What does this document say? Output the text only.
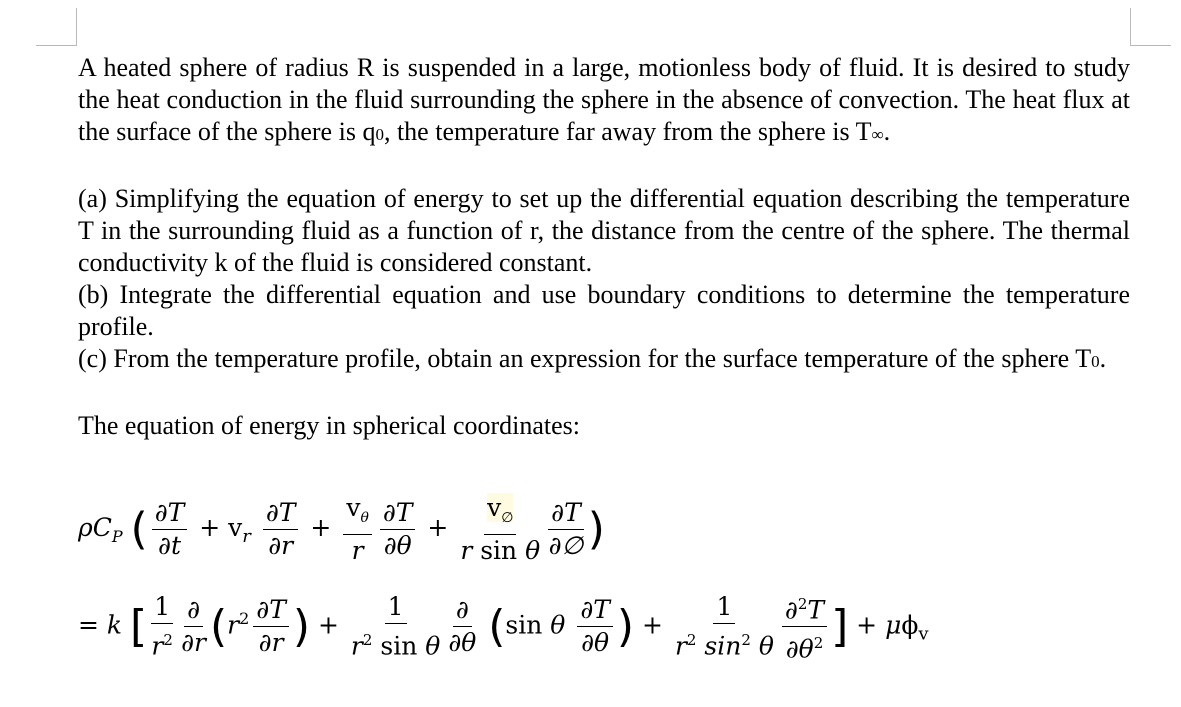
A heated sphere of radius R is suspended in a large, motionless body of fluid. It is desired to study the heat conduction in the fluid surrounding the sphere in the absence of convection. The heat flux at the surface of the sphere is q0, the temperature far away from the sphere is T∞.

(a) Simplifying the equation of energy to set up the differential equation describing the temperature T in the surrounding fluid as a function of r, the distance from the centre of the sphere. The thermal conductivity k of the fluid is considered constant.

(b) Integrate the differential equation and use boundary conditions to determine the temperature profile.

(c) From the temperature profile, obtain an expression for the surface temperature of the sphere T0.

The equation of energy in spherical coordinates:

$\rho C_P$ ( $\frac{\partial T}{\partial t} + v_r \frac{\partial T}{\partial r} + \frac{v_\theta}{r} \frac{\partial T}{\partial\theta} + \frac{v_\emptyset}{\text{r sin θ}} \partial T$
∂∅ )
= k [ $\frac{1}{r^2}$ ∂
∂r ($r^2 \frac{\partial T}{\partial r}$ ) + $\frac{1}{r^2 \sin \theta}$ ∂
∂θ (sin θ $\frac{\partial T}{\partial\theta}$ ) + $\frac{1}{r^2 \sin^2 \theta} \frac{\partial^2T}{\partial\theta^2}$ ] + $\mu\phi_v$
